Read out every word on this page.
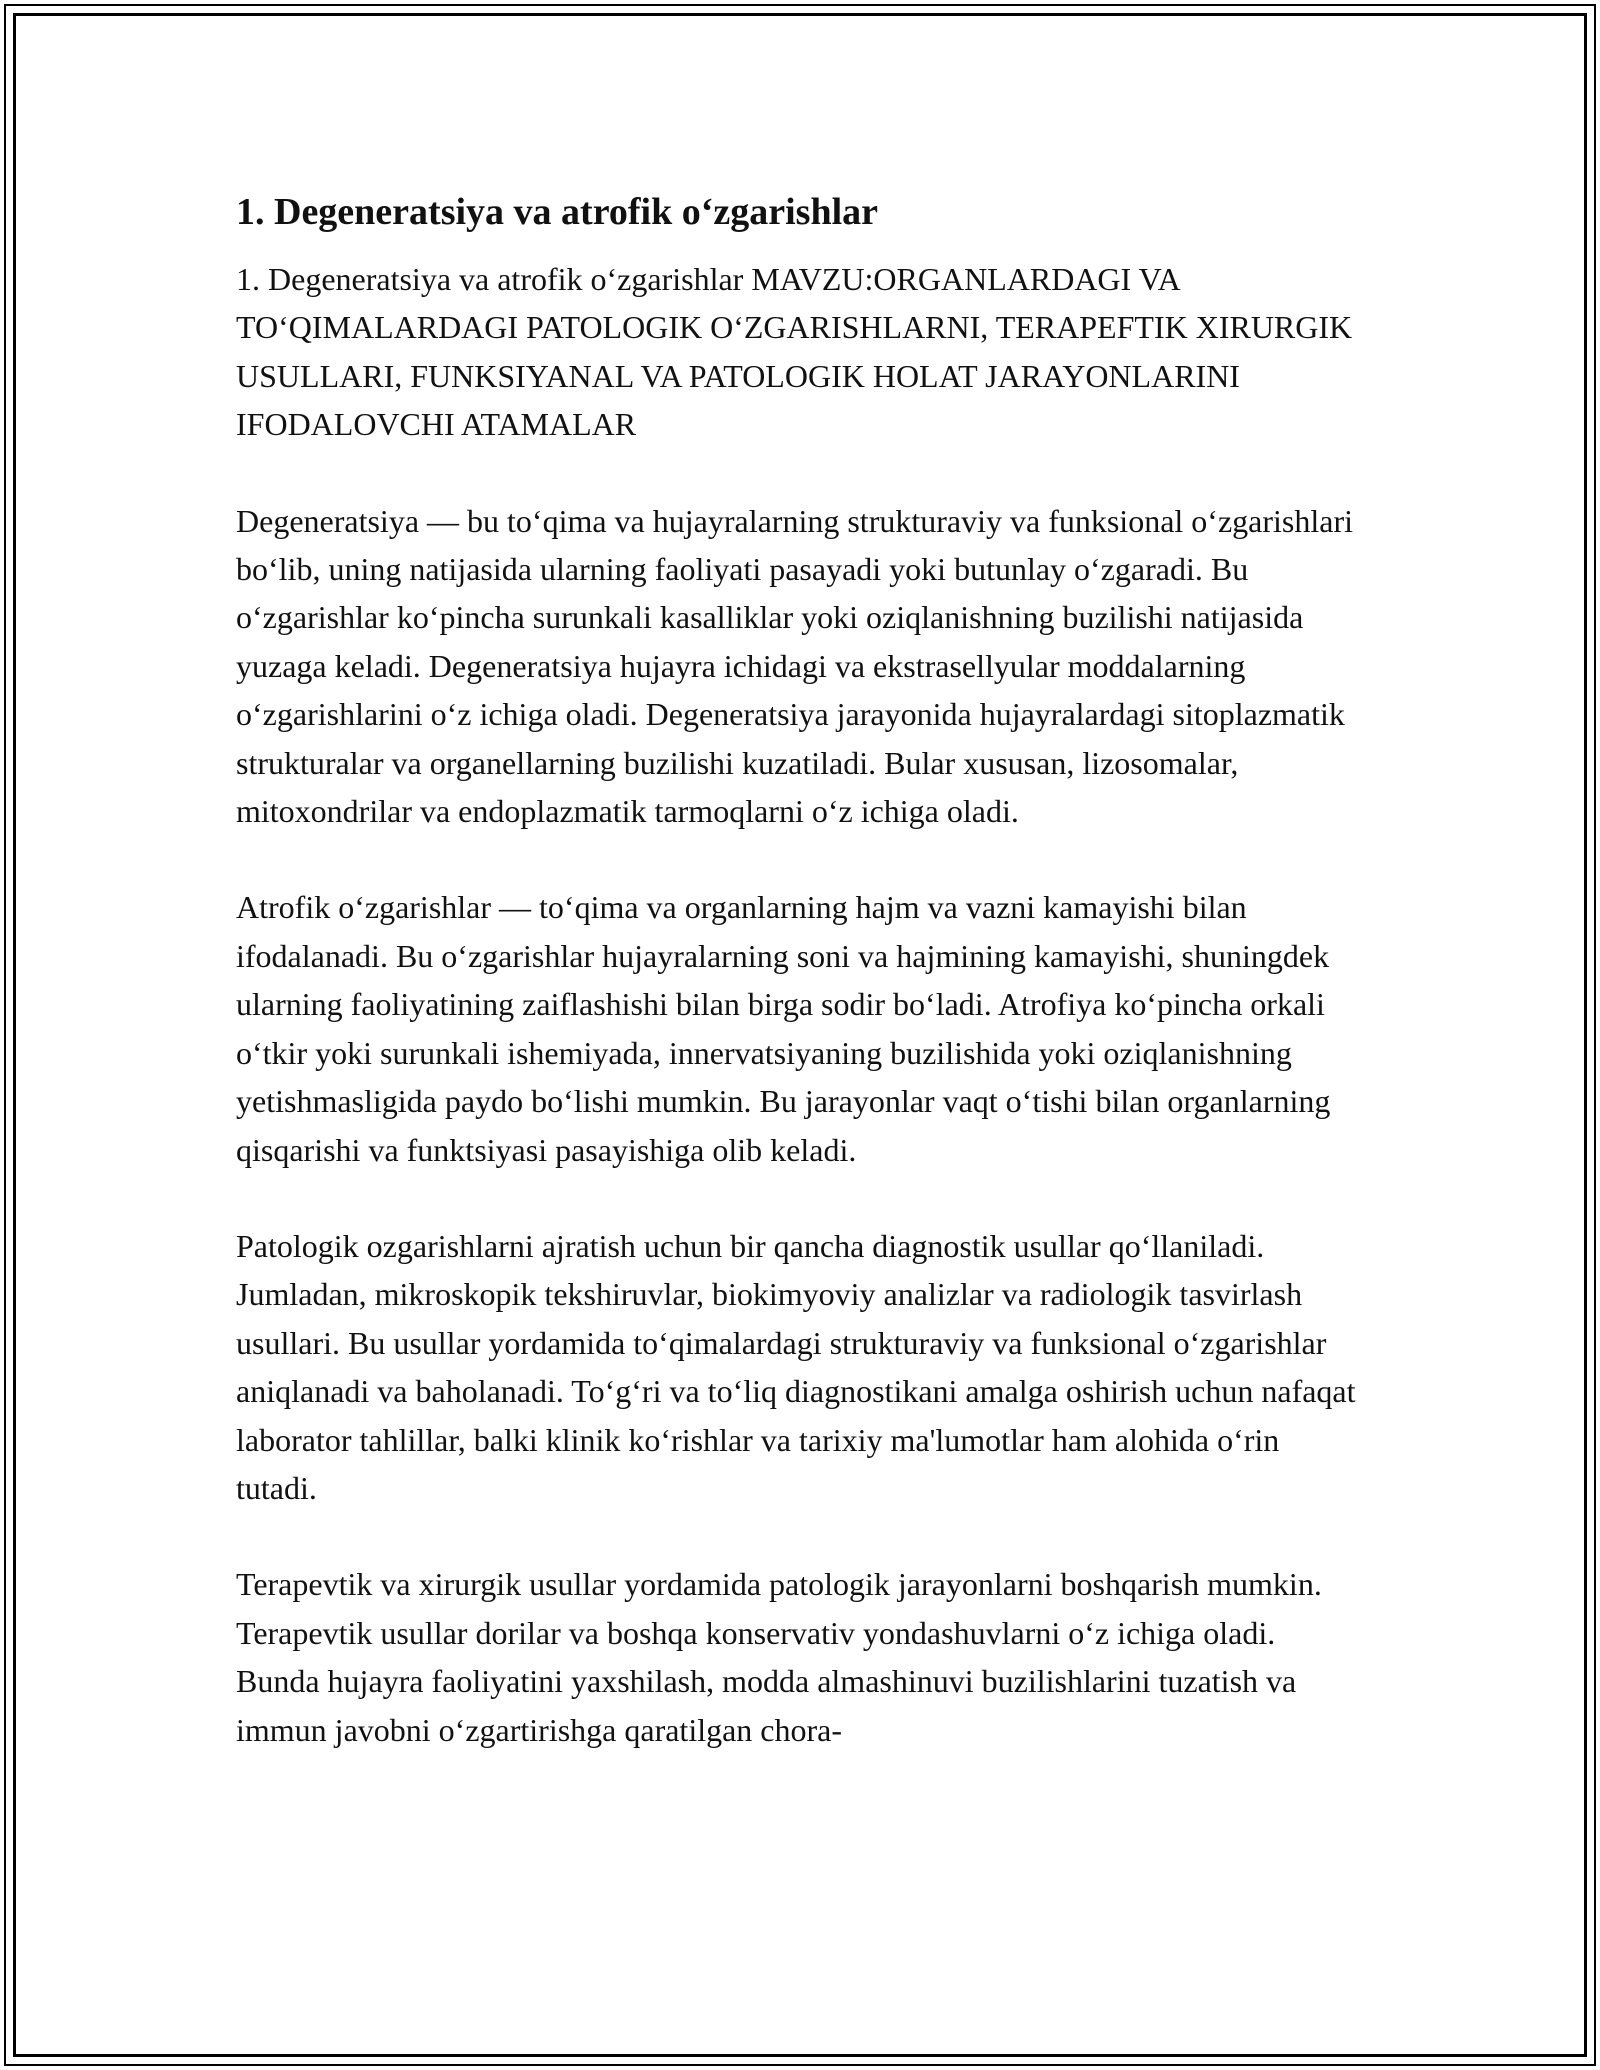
1. Degeneratsiya va atrofik o‘zgarishlar

1. Degeneratsiya va atrofik o‘zgarishlar MAVZU:ORGANLARDAGI VA TO‘QIMALARDAGI PATOLOGIK O‘ZGARISHLARNI, TERAPEFTIK XIRURGIK USULLARI, FUNKSIYANAL VA PATOLOGIK HOLAT JARAYONLARINI IFODALOVCHI ATAMALAR

Degeneratsiya — bu to‘qima va hujayralarning strukturaviy va funksional o‘zgarishlari bo‘lib, uning natijasida ularning faoliyati pasayadi yoki butunlay o‘zgaradi. Bu o‘zgarishlar ko‘pincha surunkali kasalliklar yoki oziqlanishning buzilishi natijasida yuzaga keladi. Degeneratsiya hujayra ichidagi va ekstrasellyular moddalarning o‘zgarishlarini o‘z ichiga oladi. Degeneratsiya jarayonida hujayralardagi sitoplazmatik strukturalar va organellarning buzilishi kuzatiladi. Bular xususan, lizosomalar, mitoxondrilar va endoplazmatik tarmoqlarni o‘z ichiga oladi.

Atrofik o‘zgarishlar — to‘qima va organlarning hajm va vazni kamayishi bilan ifodalanadi. Bu o‘zgarishlar hujayralarning soni va hajmining kamayishi, shuningdek ularning faoliyatining zaiflashishi bilan birga sodir bo‘ladi. Atrofiya ko‘pincha orkali o‘tkir yoki surunkali ishemiyada, innervatsiyaning buzilishida yoki oziqlanishning yetishmasligida paydo bo‘lishi mumkin. Bu jarayonlar vaqt o‘tishi bilan organlarning qisqarishi va funktsiyasi pasayishiga olib keladi.

Patologik ozgarishlarni ajratish uchun bir qancha diagnostik usullar qo‘llaniladi. Jumladan, mikroskopik tekshiruvlar, biokimyoviy analizlar va radiologik tasvirlash usullari. Bu usullar yordamida to‘qimalardagi strukturaviy va funksional o‘zgarishlar aniqlanadi va baholanadi. To‘g‘ri va to‘liq diagnostikani amalga oshirish uchun nafaqat laborator tahlillar, balki klinik ko‘rishlar va tarixiy ma'lumotlar ham alohida o‘rin tutadi.

Terapevtik va xirurgik usullar yordamida patologik jarayonlarni boshqarish mumkin. Terapevtik usullar dorilar va boshqa konservativ yondashuvlarni o‘z ichiga oladi. Bunda hujayra faoliyatini yaxshilash, modda almashinuvi buzilishlarini tuzatish va immun javobni o‘zgartirishga qaratilgan chora-
